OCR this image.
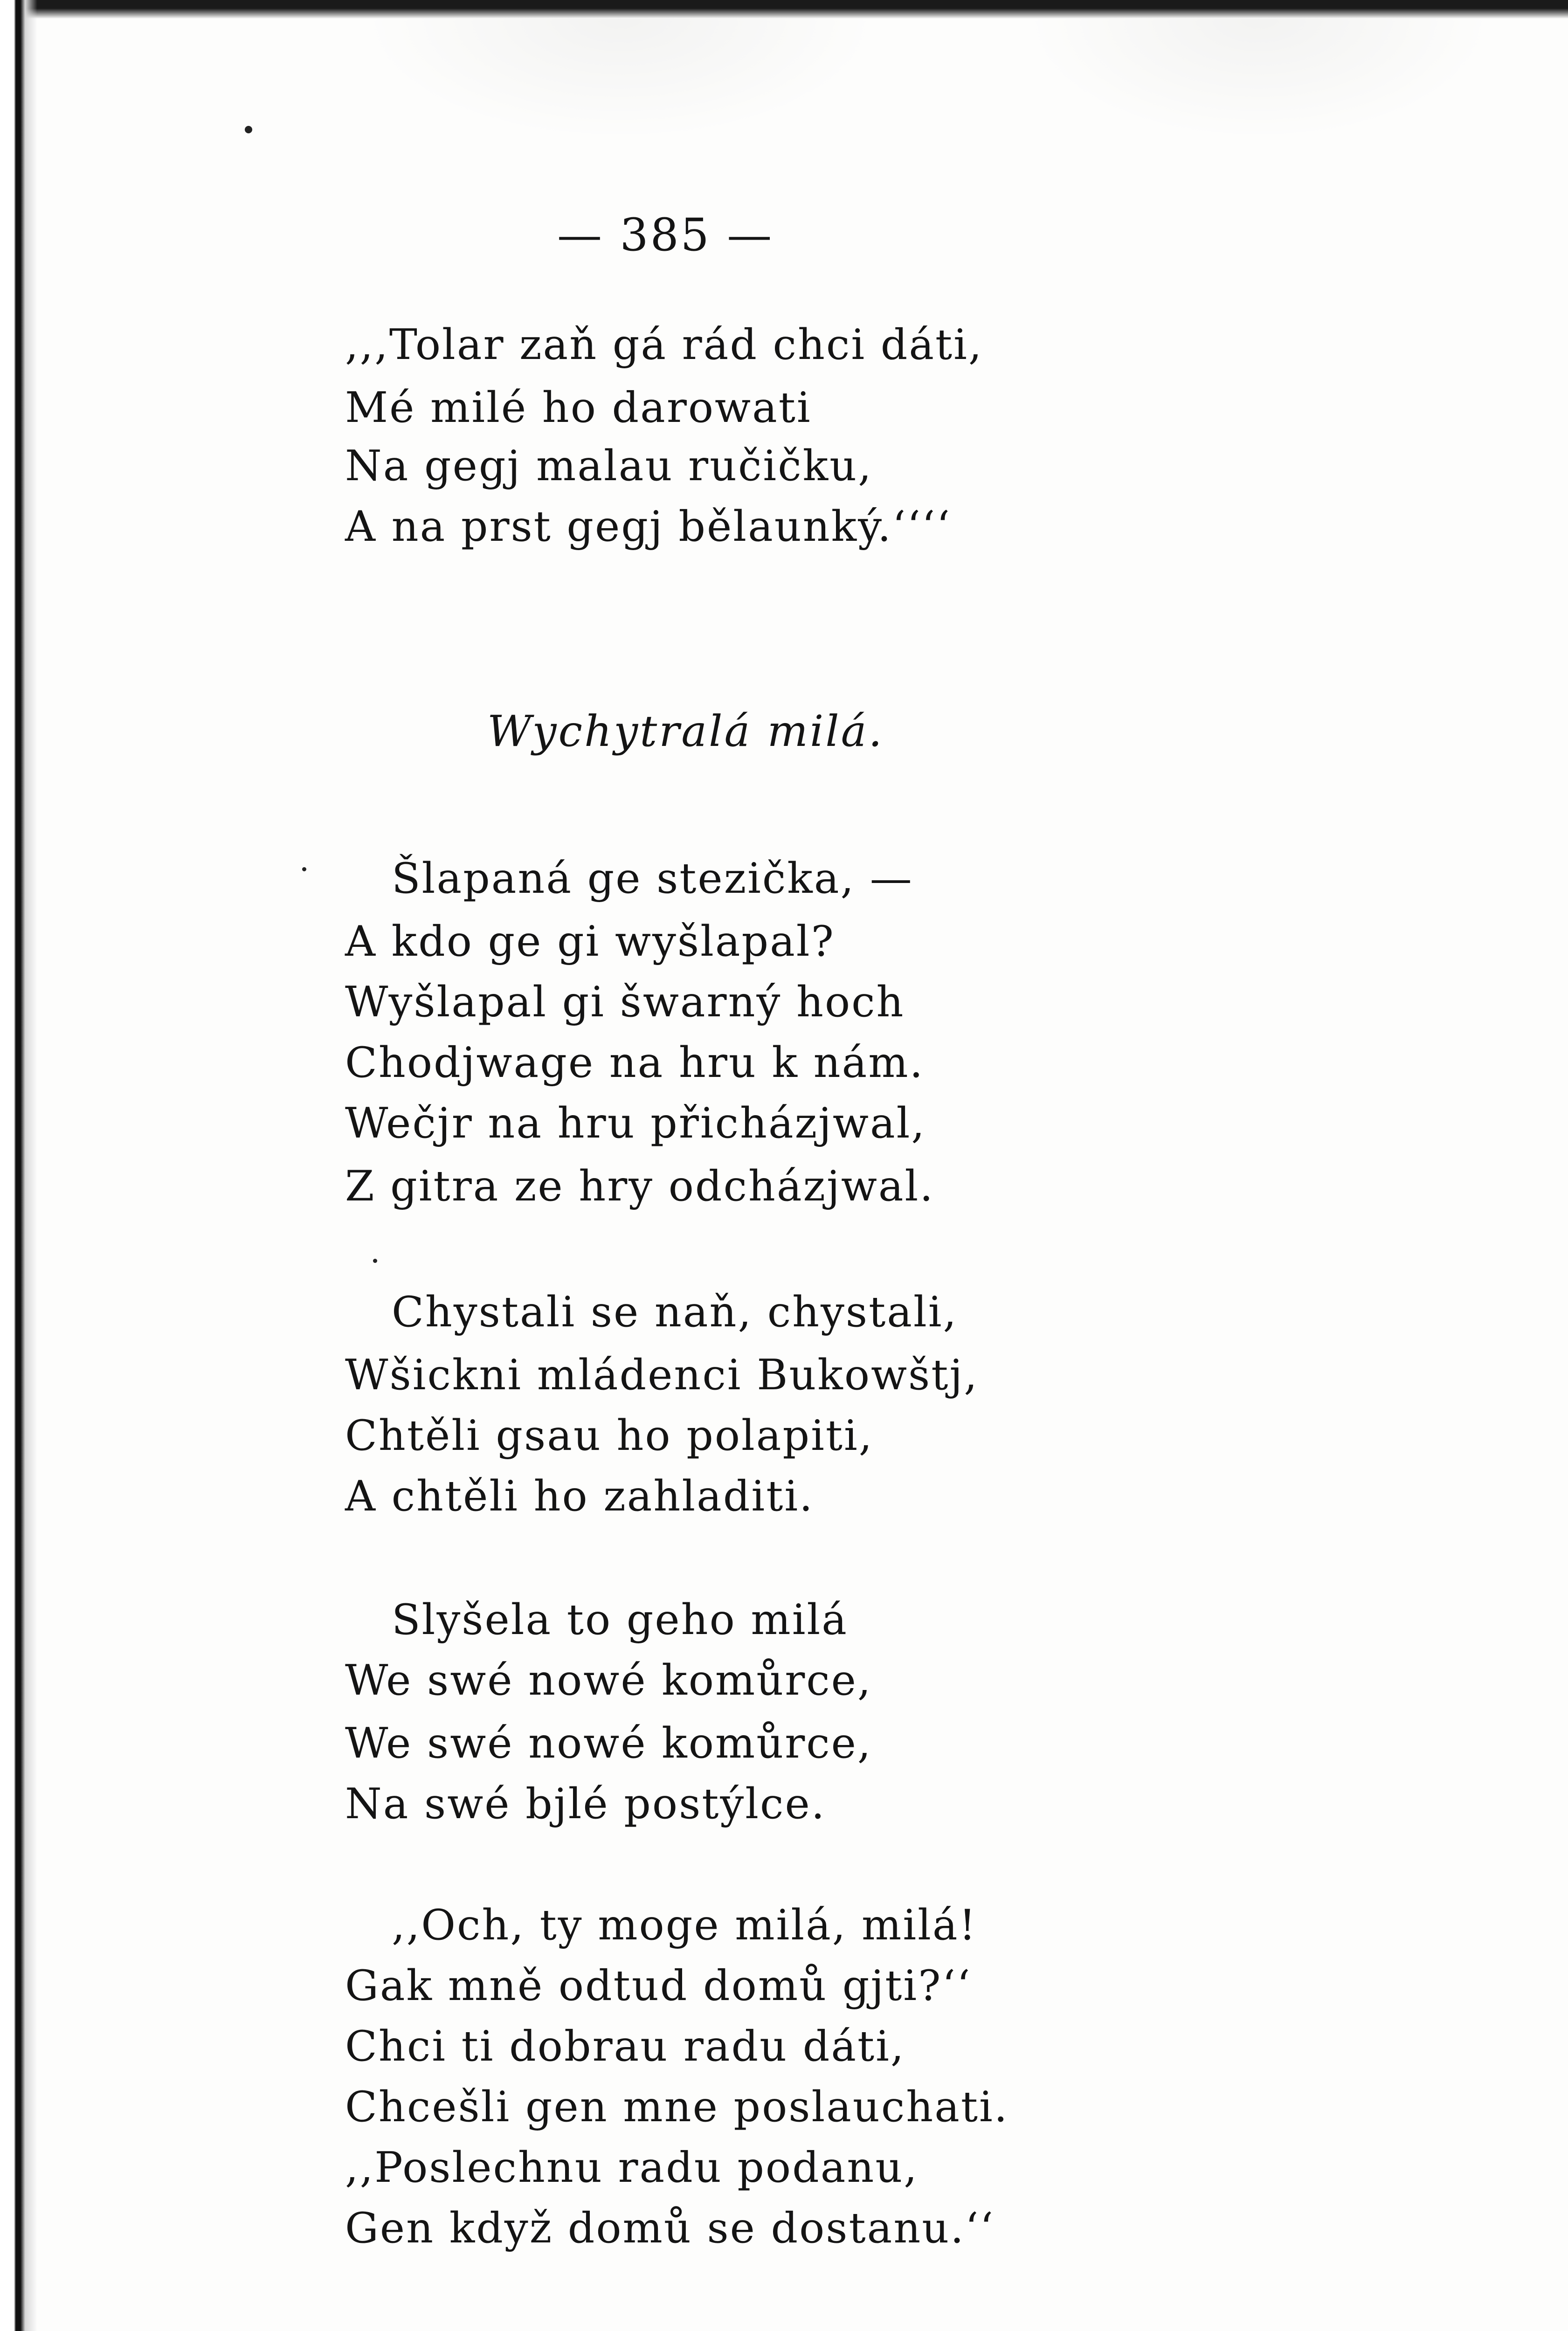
— 385 —
,,,Tolar zaň gá rád chci dáti,
Mé milé ho darowati
Na gegj malau ručičku,
A na prst gegj bělaunký.‘‘‘‘
Wychytralá milá.
Šlapaná ge stezička, —
A kdo ge gi wyšlapal?
Wyšlapal gi šwarný hoch
Chodjwage na hru k nám.
Wečjr na hru přicházjwal,
Z gitra ze hry odcházjwal.
Chystali se naň, chystali,
Wšickni mládenci Bukowštj,
Chtěli gsau ho polapiti,
A chtěli ho zahladiti.
Slyšela to geho milá
We swé nowé komůrce,
We swé nowé komůrce,
Na swé bjlé postýlce.
,,Och, ty moge milá, milá!
Gak mně odtud domů gjti?‘‘
Chci ti dobrau radu dáti,
Chcešli gen mne poslauchati.
,,Poslechnu radu podanu,
Gen když domů se dostanu.‘‘
